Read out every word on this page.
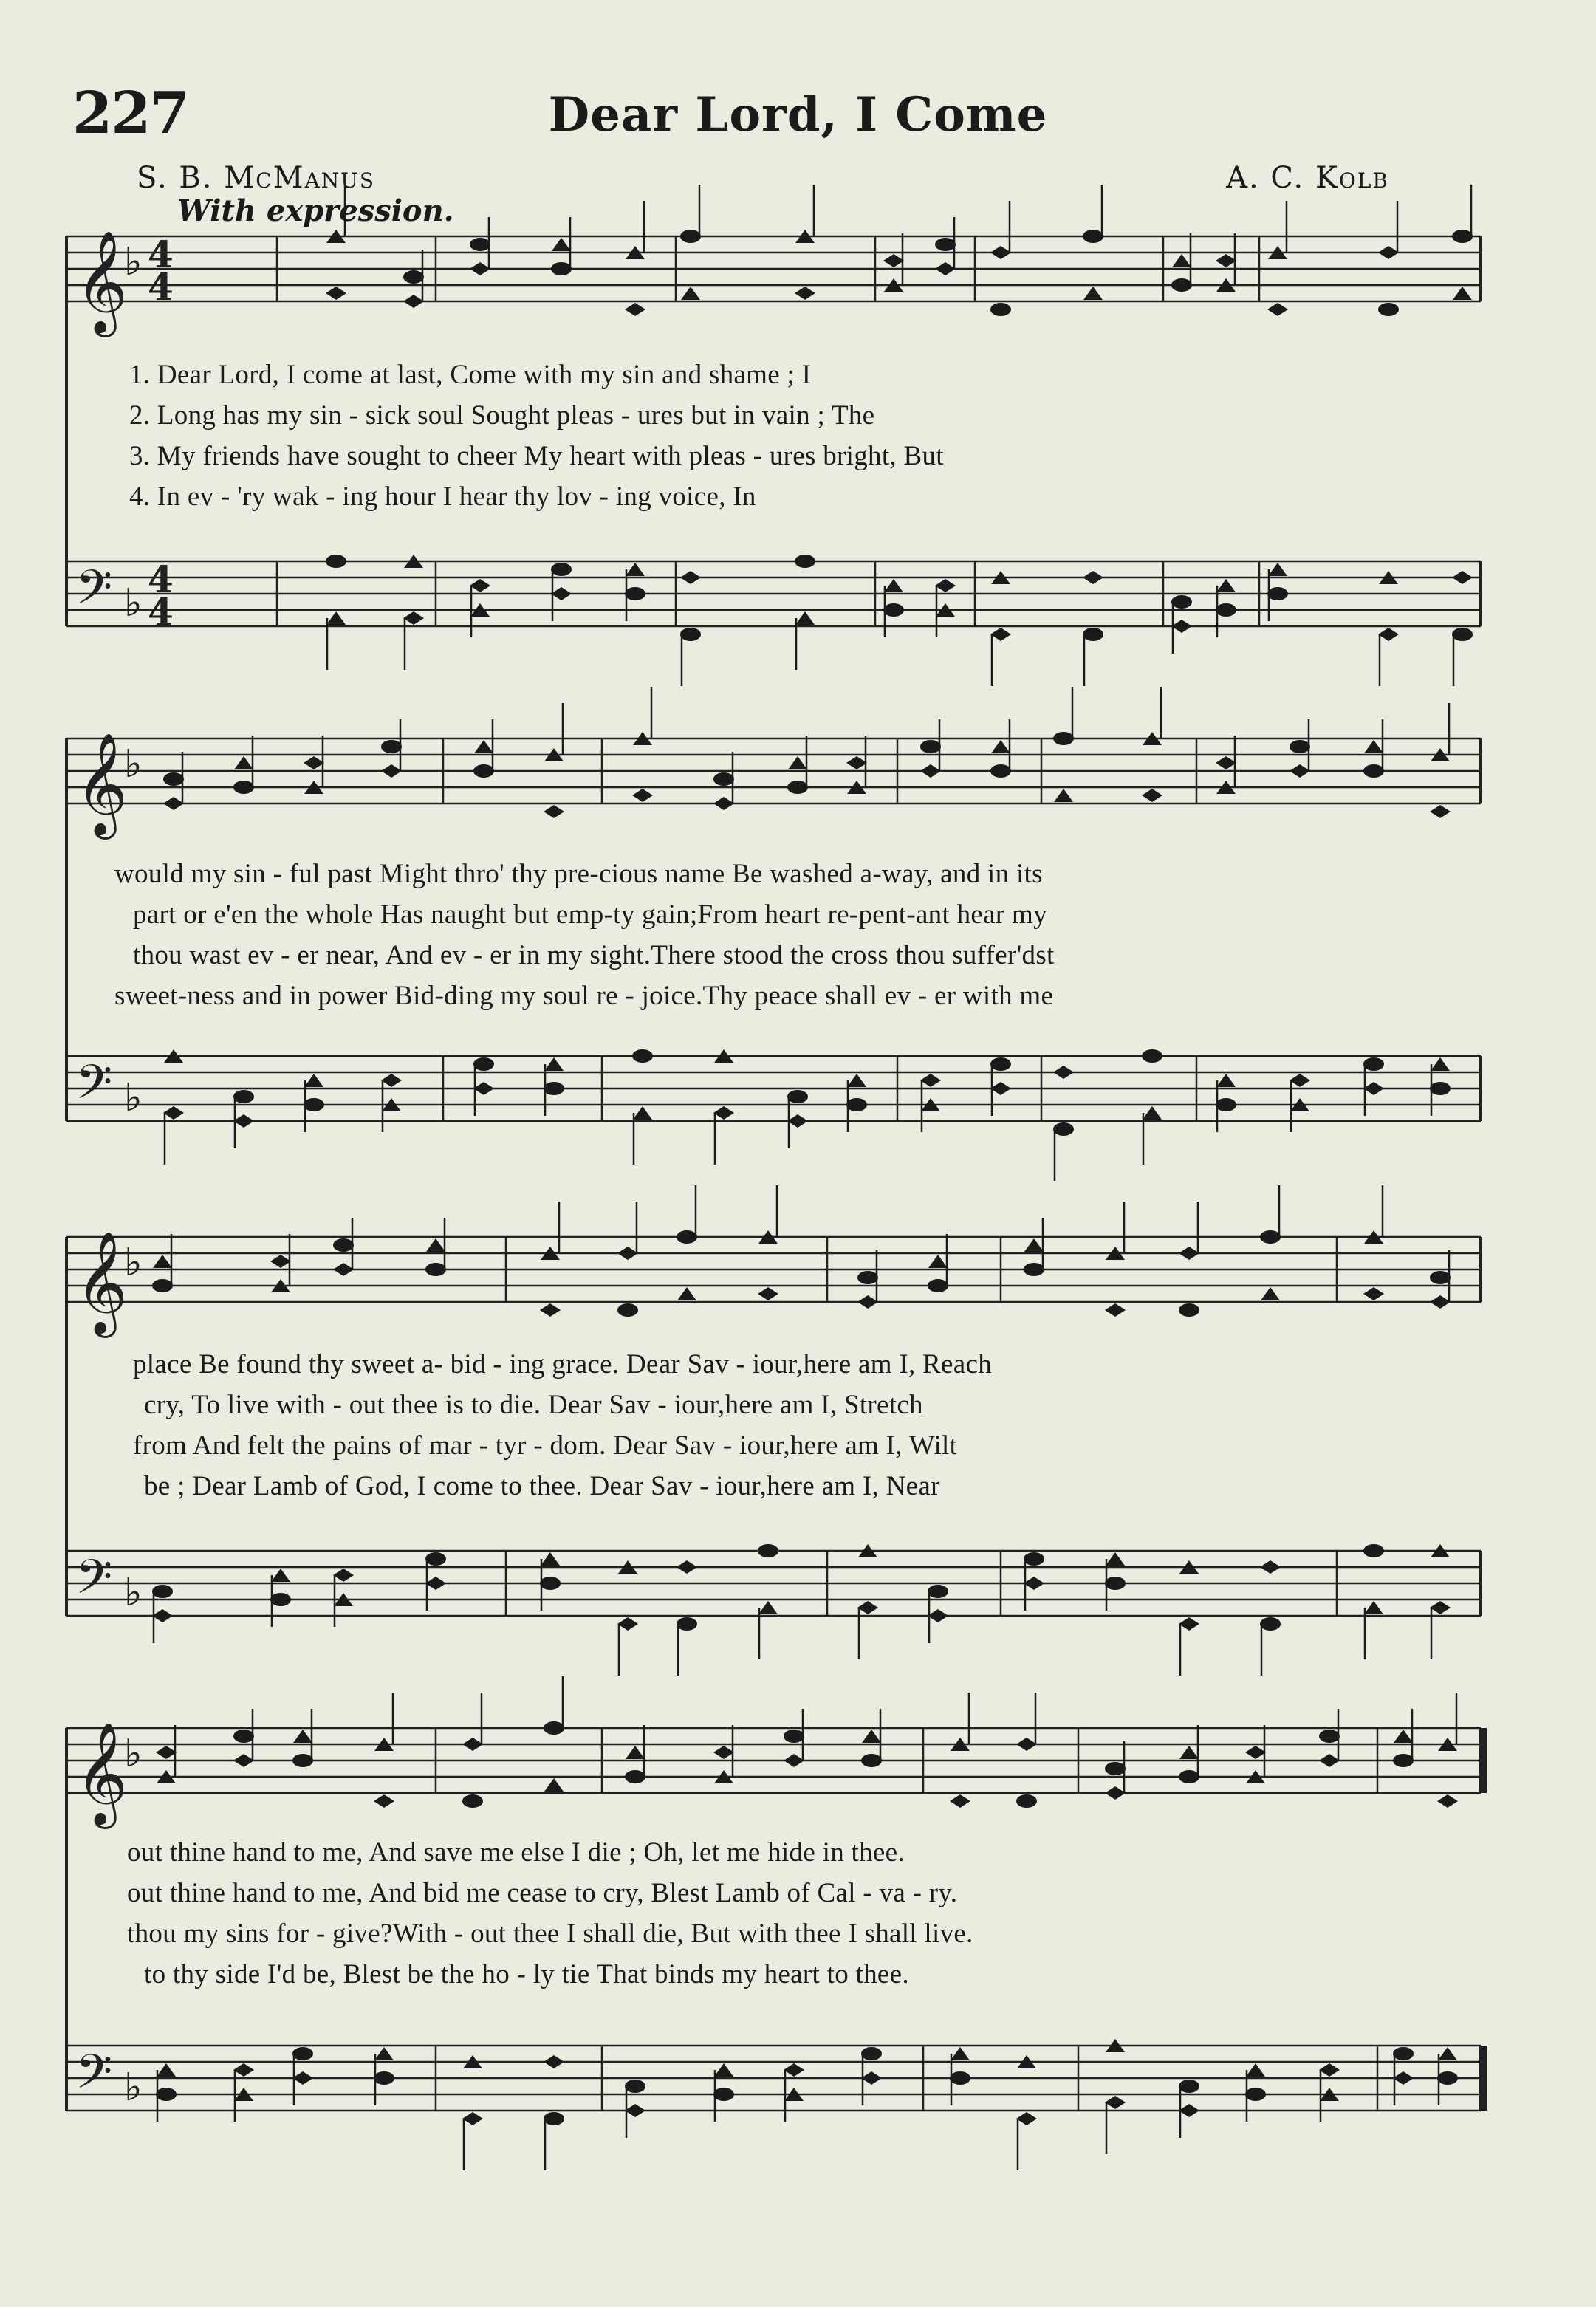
227	Dear Lord, I Come
S. B. McManus	A. C. Kolb
With expression.
𝄞
♭ 4
4
𝄢 ♭
4
4
𝄞
♭
𝄢 ♭
𝄞
♭
𝄢 ♭
𝄞
♭
𝄢 ♭
1. Dear Lord, I come at last, Come with my sin and shame ; I
2. Long has my sin - sick soul Sought pleas - ures but in vain ; The
3. My friends have sought to cheer My heart with pleas - ures bright, But
4. In ev - 'ry wak - ing hour I hear thy lov - ing voice, In
would my sin - ful past Might thro' thy pre-cious name Be washed a-way, and in its
part or e'en the whole Has naught but emp-ty gain;From heart re-pent-ant hear my
thou wast ev - er near, And ev - er in my sight.There stood the cross thou suffer'dst
sweet-ness and in power Bid-ding my soul re - joice.Thy peace shall ev - er with me
place Be found thy sweet a- bid - ing grace. Dear Sav - iour,here am I, Reach
cry, To live with - out thee is to die. Dear Sav - iour,here am I, Stretch
from And felt the pains of mar - tyr - dom. Dear Sav - iour,here am I, Wilt
be ; Dear Lamb of God, I come to thee. Dear Sav - iour,here am I, Near
out thine hand to me, And save me else I die ; Oh, let me hide in thee.
out thine hand to me, And bid me cease to cry, Blest Lamb of Cal - va - ry.
thou my sins for - give?With - out thee I shall die, But with thee I shall live.
to thy side I'd be, Blest be the ho - ly tie That binds my heart to thee.
